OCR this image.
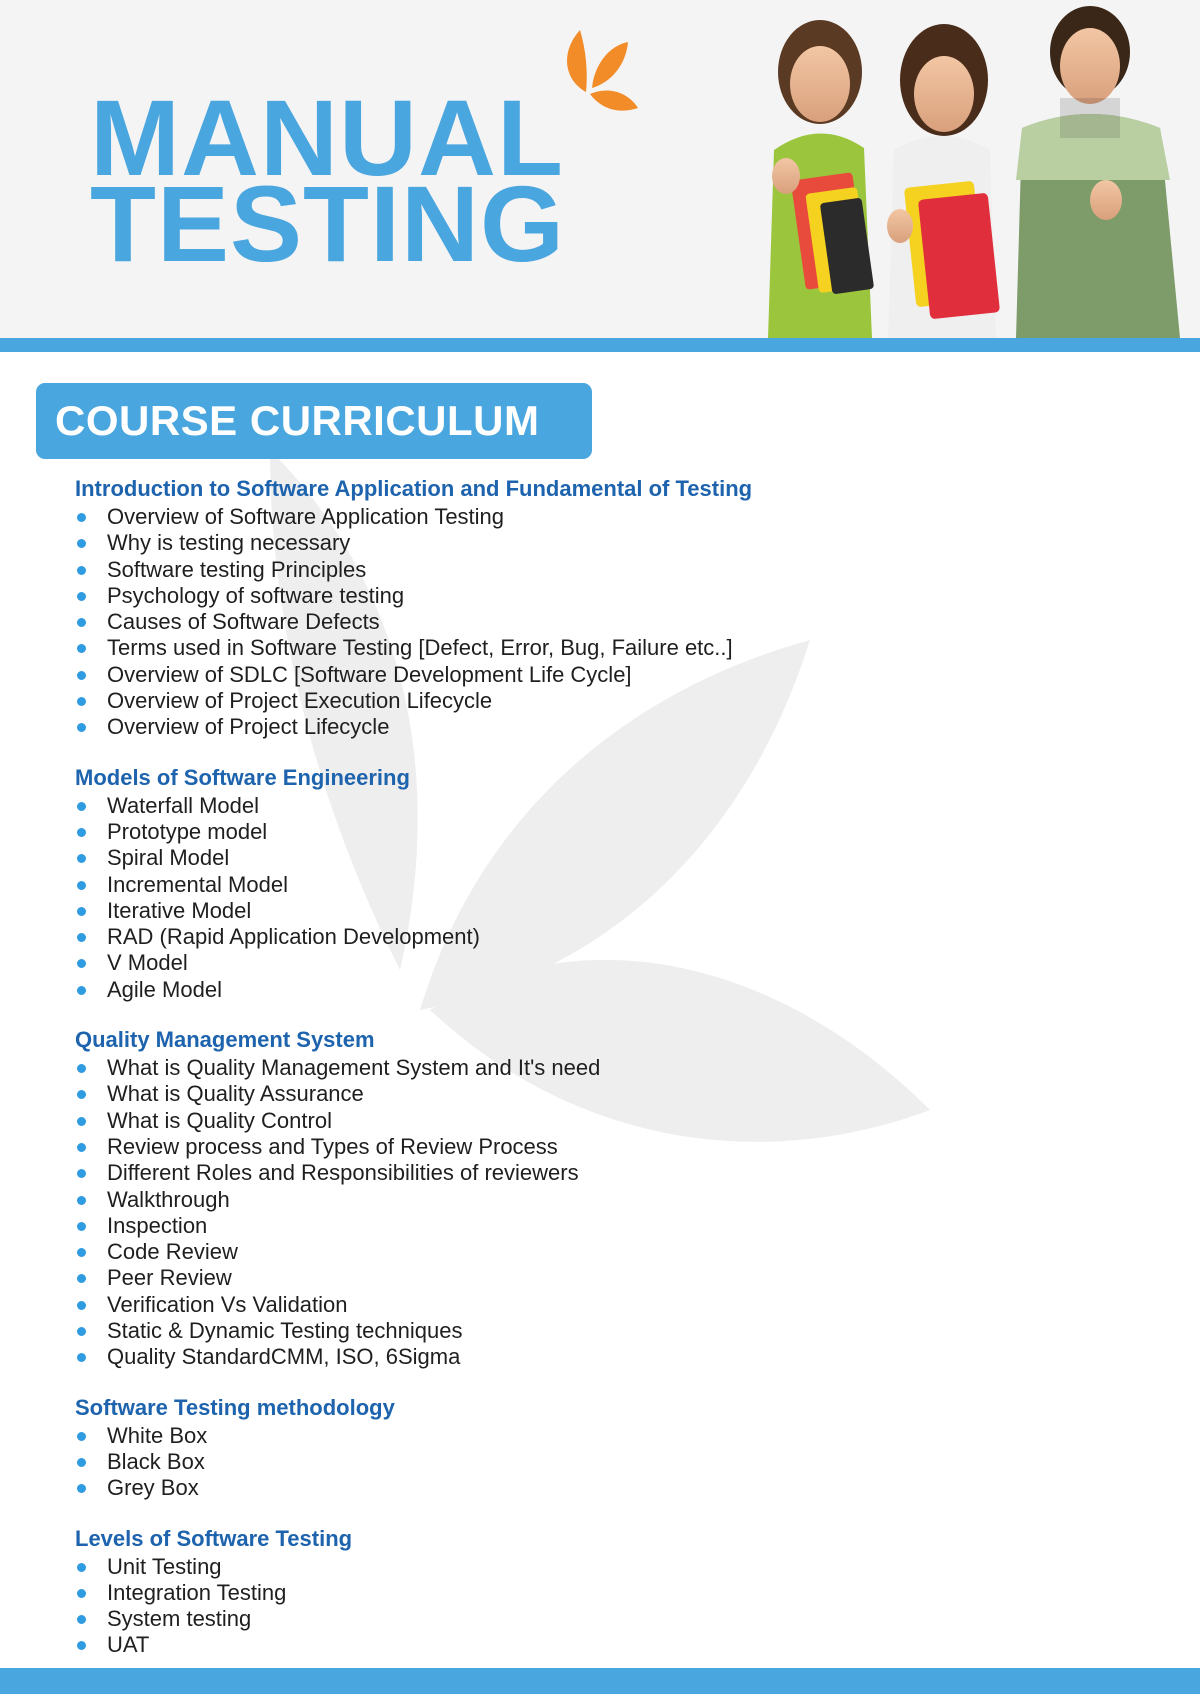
MANUAL
TESTING
COURSE CURRICULUM
Introduction to Software Application and Fundamental of Testing
Overview of Software Application Testing
Why is testing necessary
Software testing Principles
Psychology of software testing
Causes of Software Defects
Terms used in Software Testing [Defect, Error, Bug, Failure etc..]
Overview of SDLC [Software Development Life Cycle]
Overview of Project Execution Lifecycle
Overview of Project Lifecycle
Models of Software Engineering
Waterfall Model
Prototype model
Spiral Model
Incremental Model
Iterative Model
RAD (Rapid Application Development)
V Model
Agile Model
Quality Management System
What is Quality Management System and It's need
What is Quality Assurance
What is Quality Control
Review process and Types of Review Process
Different Roles and Responsibilities of reviewers
Walkthrough
Inspection
Code Review
Peer Review
Verification Vs Validation
Static & Dynamic Testing techniques
Quality StandardCMM, ISO, 6Sigma
Software Testing methodology
White Box
Black Box
Grey Box
Levels of Software Testing
Unit Testing
Integration Testing
System testing
UAT
